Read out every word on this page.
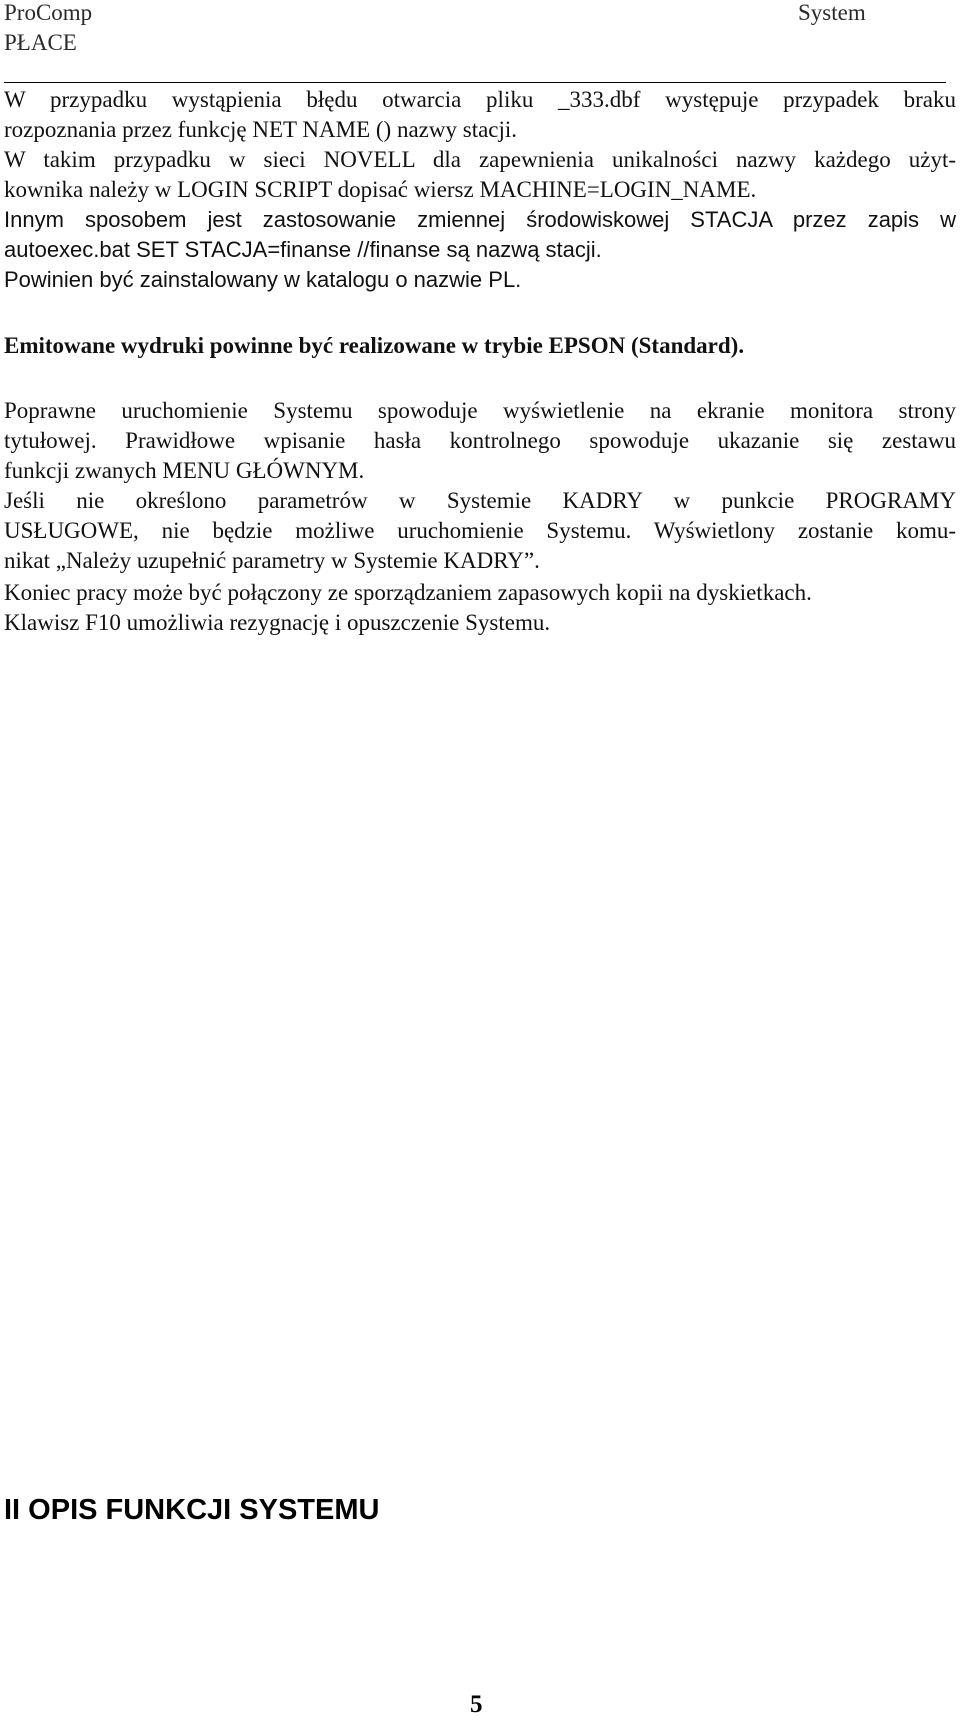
ProComp	System
PŁACE
W przypadku wystąpienia błędu otwarcia pliku _333.dbf występuje przypadek braku
rozpoznania przez funkcję NET NAME () nazwy stacji.
W takim przypadku w sieci NOVELL dla zapewnienia unikalności nazwy każdego użyt-
kownika należy w LOGIN SCRIPT dopisać wiersz MACHINE=LOGIN_NAME.
Innym sposobem jest zastosowanie zmiennej środowiskowej STACJA przez zapis w
autoexec.bat SET STACJA=finanse //finanse są nazwą stacji.
Powinien być zainstalowany w katalogu o nazwie PL.
Emitowane wydruki powinne być realizowane w trybie EPSON (Standard).
Poprawne uruchomienie Systemu spowoduje wyświetlenie na ekranie monitora strony
tytułowej. Prawidłowe wpisanie hasła kontrolnego spowoduje ukazanie się zestawu
funkcji zwanych MENU GŁÓWNYM.
Jeśli nie określono parametrów w Systemie KADRY w punkcie PROGRAMY
USŁUGOWE, nie będzie możliwe uruchomienie Systemu. Wyświetlony zostanie komu-
nikat „Należy uzupełnić parametry w Systemie KADRY”.
Koniec pracy może być połączony ze sporządzaniem zapasowych kopii na dyskietkach.
Klawisz F10 umożliwia rezygnację i opuszczenie Systemu.
II OPIS FUNKCJI SYSTEMU
5
